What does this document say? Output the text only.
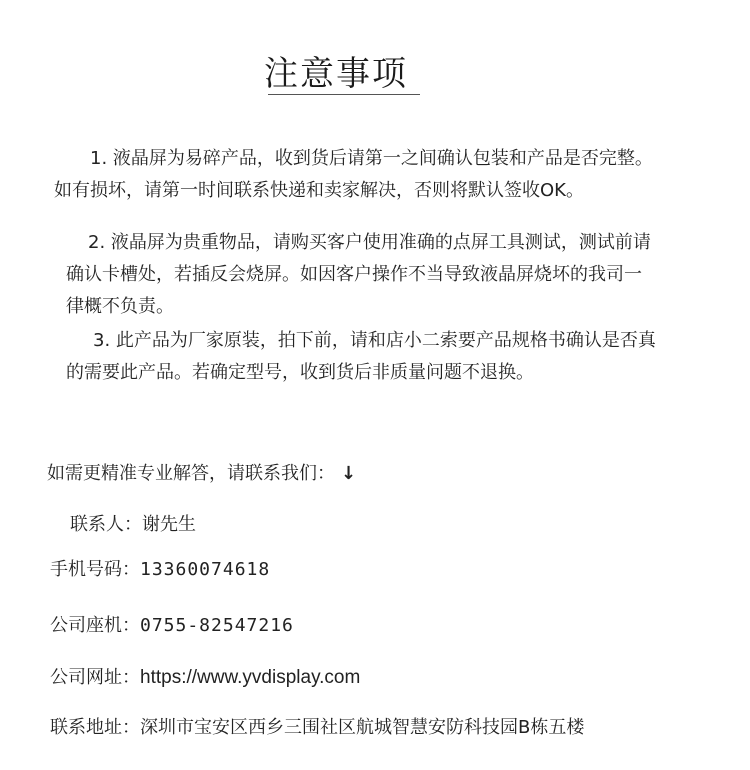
注意事项
1. 液晶屏为易碎产品，收到货后请第一之间确认包装和产品是否完整。
如有损坏，请第一时间联系快递和卖家解决，否则将默认签收OK。
2. 液晶屏为贵重物品，请购买客户使用准确的点屏工具测试，测试前请
确认卡槽处，若插反会烧屏。如因客户操作不当导致液晶屏烧坏的我司一
律概不负责。
3. 此产品为厂家原装，拍下前，请和店小二索要产品规格书确认是否真
的需要此产品。若确定型号，收到货后非质量问题不退换。
如需更精准专业解答，请联系我们： ↓
联系人：谢先生
手机号码：13360074618
公司座机：0755-82547216
公司网址：https://www.yvdisplay.com
联系地址：深圳市宝安区西乡三围社区航城智慧安防科技园B栋五楼
